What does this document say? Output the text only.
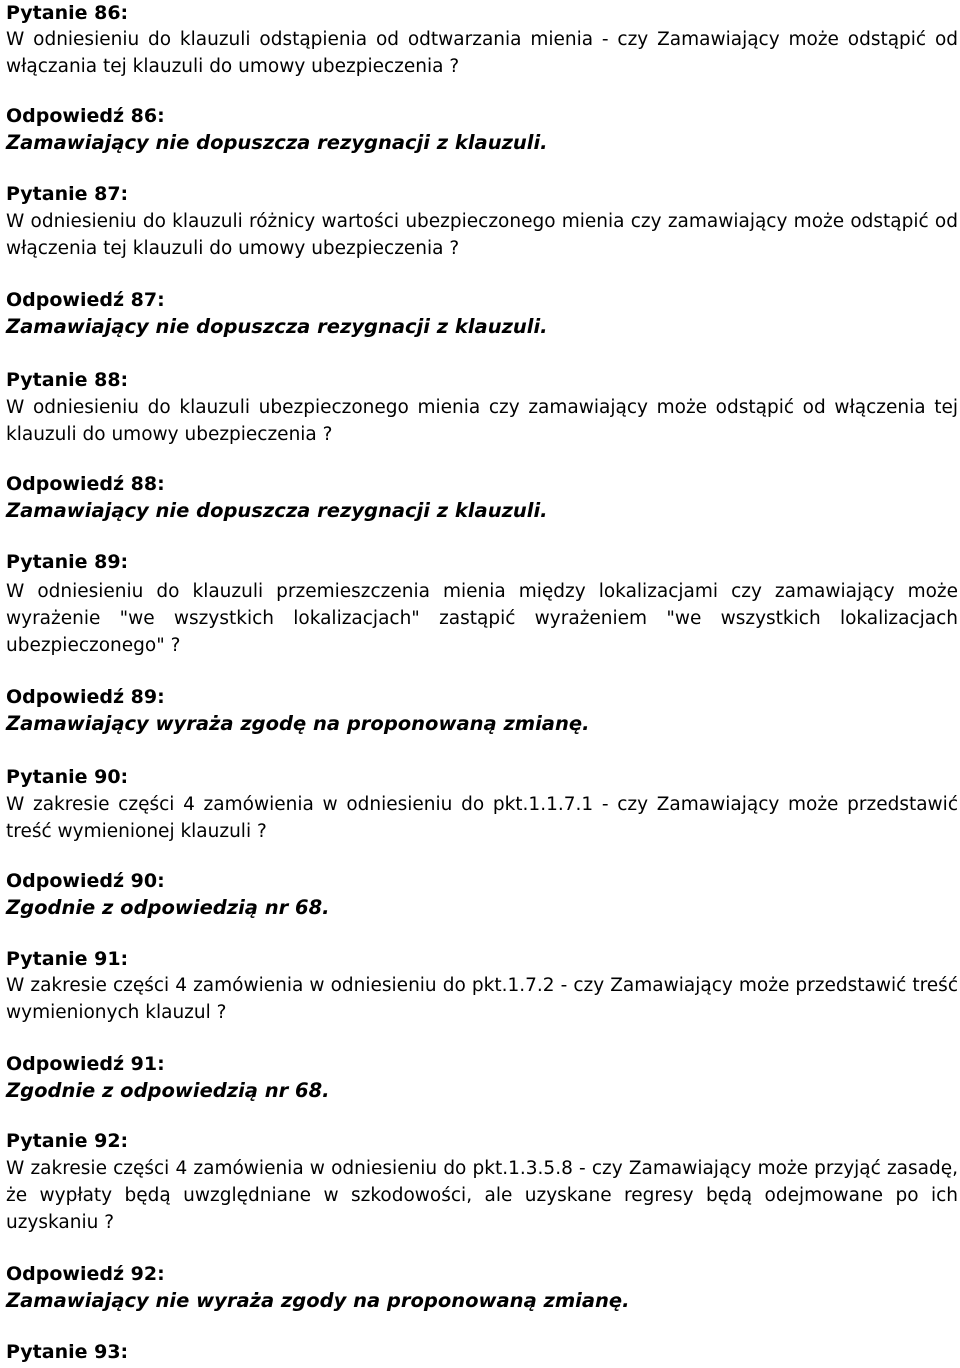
Pytanie 86:
W odniesieniu do klauzuli odstąpienia od odtwarzania mienia - czy Zamawiający może odstąpić od włączania tej klauzuli do umowy ubezpieczenia ?
Odpowiedź 86:
Zamawiający nie dopuszcza rezygnacji z klauzuli.
Pytanie 87:
W odniesieniu do klauzuli różnicy wartości ubezpieczonego mienia czy zamawiający może odstąpić od włączenia tej klauzuli do umowy ubezpieczenia ?
Odpowiedź 87:
Zamawiający nie dopuszcza rezygnacji z klauzuli.
Pytanie 88:
W odniesieniu do klauzuli ubezpieczonego mienia czy zamawiający może odstąpić od włączenia tej klauzuli do umowy ubezpieczenia ?
Odpowiedź 88:
Zamawiający nie dopuszcza rezygnacji z klauzuli.
Pytanie 89:
W odniesieniu do klauzuli przemieszczenia mienia między lokalizacjami czy zamawiający może wyrażenie "we wszystkich lokalizacjach" zastąpić wyrażeniem "we wszystkich lokalizacjach ubezpieczonego" ?
Odpowiedź 89:
Zamawiający wyraża zgodę na proponowaną zmianę.
Pytanie 90:
W zakresie części 4 zamówienia w odniesieniu do pkt.1.1.7.1 - czy Zamawiający może przedstawić treść wymienionej klauzuli ?
Odpowiedź 90:
Zgodnie z odpowiedzią nr 68.
Pytanie 91:
W zakresie części 4 zamówienia w odniesieniu do pkt.1.7.2 - czy Zamawiający może przedstawić treść wymienionych klauzul ?
Odpowiedź 91:
Zgodnie z odpowiedzią nr 68.
Pytanie 92:
W zakresie części 4 zamówienia w odniesieniu do pkt.1.3.5.8 - czy Zamawiający może przyjąć zasadę, że wypłaty będą uwzględniane w szkodowości, ale uzyskane regresy będą odejmowane po ich uzyskaniu ?
Odpowiedź 92:
Zamawiający nie wyraża zgody na proponowaną zmianę.
Pytanie 93:
